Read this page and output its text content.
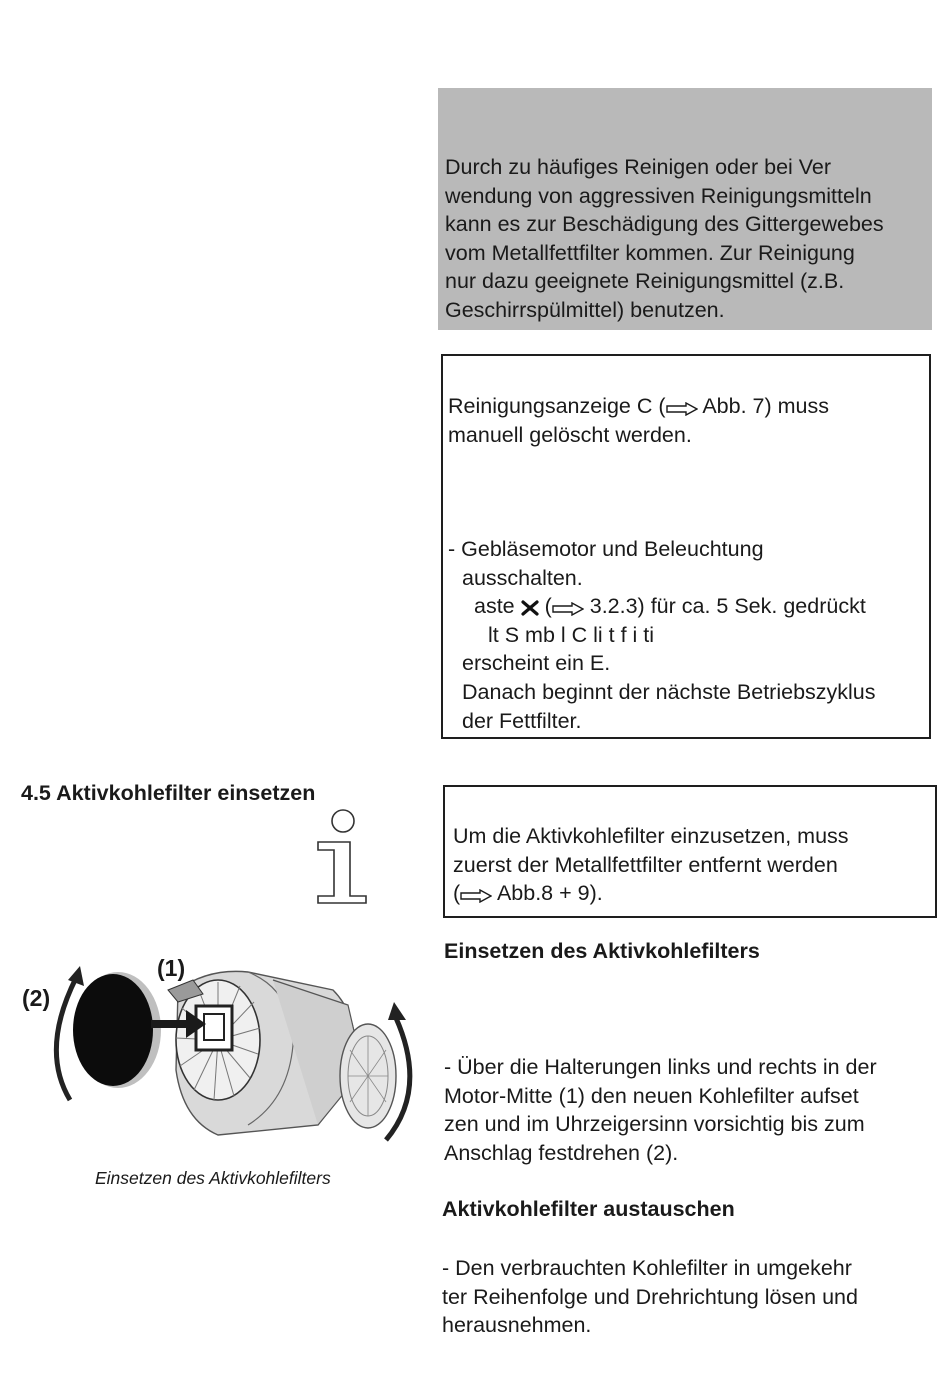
Durch zu häufiges Reinigen oder bei Ver
wendung von aggressiven Reinigungsmitteln
kann es zur Beschädigung des Gittergewebes
vom Metallfettfilter kommen. Zur Reinigung
nur dazu geeignete Reinigungsmittel (z.B.
Geschirrspülmittel) benutzen.
Reinigungsanzeige C ( Abb. 7) muss
manuell gelöscht werden.
- Gebläsemotor und Beleuchtung
ausschalten.
aste  ( 3.2.3) für ca. 5 Sek. gedrückt
lt S mb l C li t f i ti
erscheint ein E.
Danach beginnt der nächste Betriebszyklus
der Fettfilter.
4.5 Aktivkohlefilter einsetzen
Um die Aktivkohlefilter einzusetzen, muss
zuerst der Metallfettfilter entfernt werden
( Abb.8 + 9).
Einsetzen des Aktivkohlefilters
- Über die Halterungen links und rechts in der
Motor-Mitte (1) den neuen Kohlefilter aufset
zen und im Uhrzeigersinn vorsichtig bis zum
Anschlag festdrehen (2).
Aktivkohlefilter austauschen
- Den verbrauchten Kohlefilter in umgekehr
ter Reihenfolge und Drehrichtung lösen und
herausnehmen.
(1)
(2)
Einsetzen des Aktivkohlefilters
